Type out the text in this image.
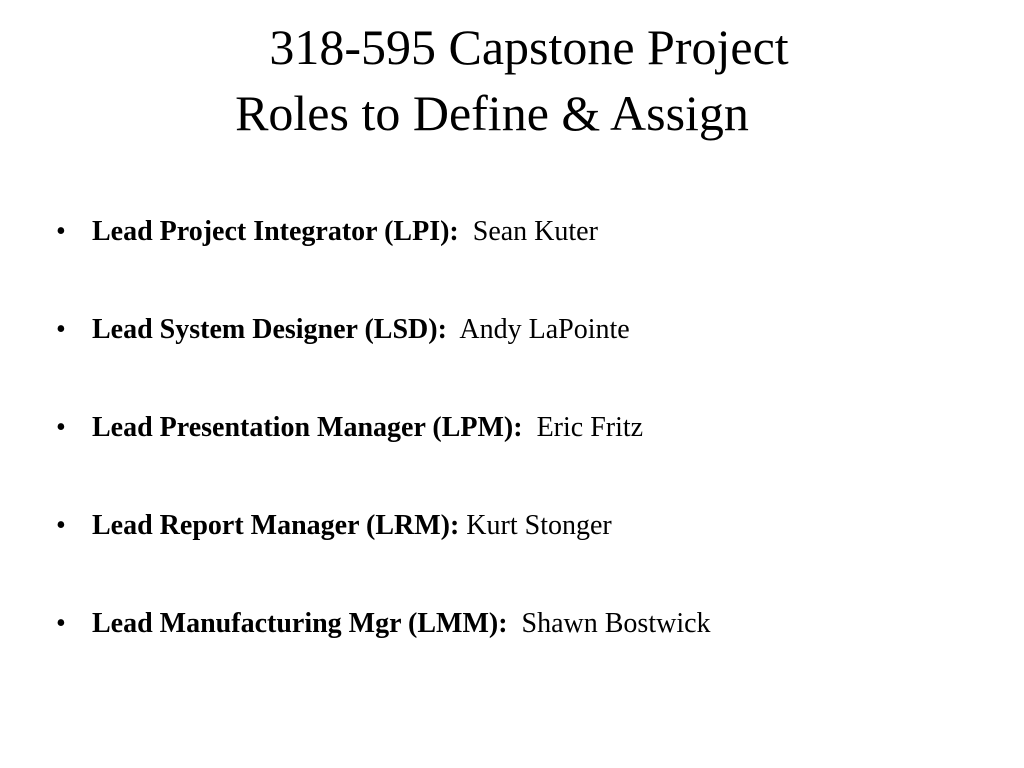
318-595 Capstone Project
Roles to Define & Assign
• Lead Project Integrator (LPI): Sean Kuter
• Lead System Designer (LSD): Andy LaPointe
• Lead Presentation Manager (LPM): Eric Fritz
• Lead Report Manager (LRM): Kurt Stonger
• Lead Manufacturing Mgr (LMM): Shawn Bostwick
